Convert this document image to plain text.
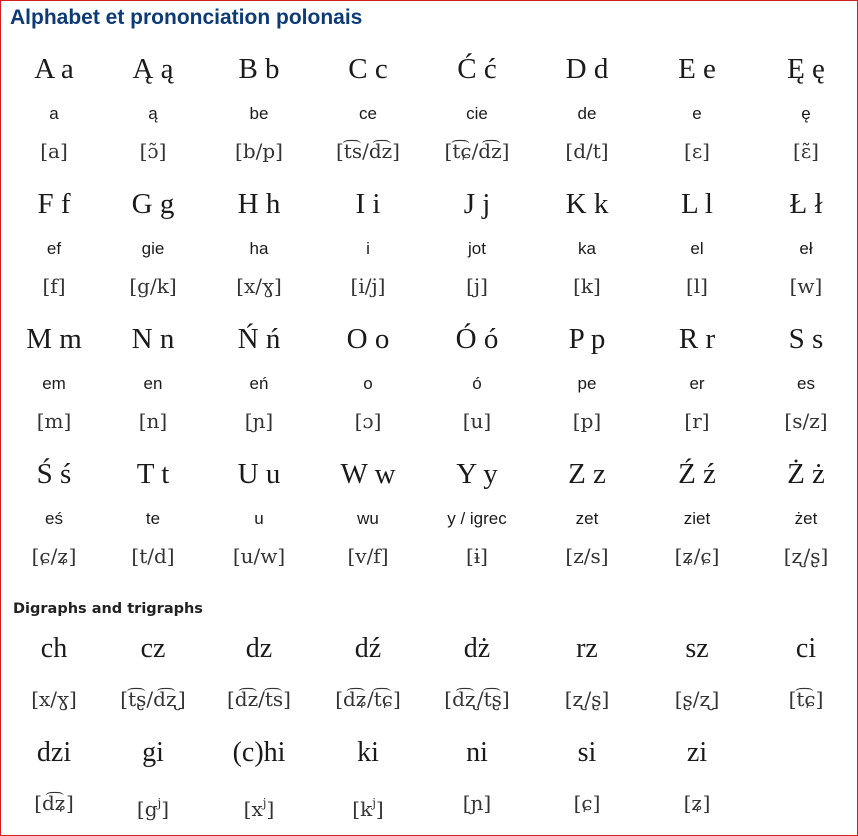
Alphabet et prononciation polonais
A a
a
[a]
Ą ą
ą
[ɔ̃]
B b
be
[b/p]
C c
ce
[t͡s/d͡z]
Ć ć
cie
[t͡ɕ/d͡z]
D d
de
[d/t]
E e
e
[ɛ]
Ę ę
ę
[ɛ̃]
F f
ef
[f]
G g
gie
[g/k]
H h
ha
[x/ɣ]
I i
i
[i/j]
J j
jot
[j]
K k
ka
[k]
L l
el
[l]
Ł ł
eł
[w]
M m
em
[m]
N n
en
[n]
Ń ń
eń
[ɲ]
O o
o
[ɔ]
Ó ó
ó
[u]
P p
pe
[p]
R r
er
[r]
S s
es
[s/z]
Ś ś
eś
[ɕ/ʑ]
T t
te
[t/d]
U u
u
[u/w]
W w
wu
[v/f]
Y y
y / igrec
[ɨ]
Z z
zet
[z/s]
Ź ź
ziet
[ʑ/ɕ]
Ż ż
żet
[ʐ/ʂ]
Digraphs and trigraphs
ch
[x/ɣ]
cz
[t͡ʂ/d͡ʐ]
dz
[d͡z/t͡s]
dź
[d͡ʑ/t͡ɕ]
dż
[d͡ʐ/t͡ʂ]
rz
[ʐ/ʂ]
sz
[ʂ/ʐ]
ci
[t͡ɕ]
dzi
[d͡ʑ]
gi
$[g^j]$
(c)hi
$[x^j]$
ki
$[k^j]$
ni
[ɲ]
si
[ɕ]
zi
[ʑ]
